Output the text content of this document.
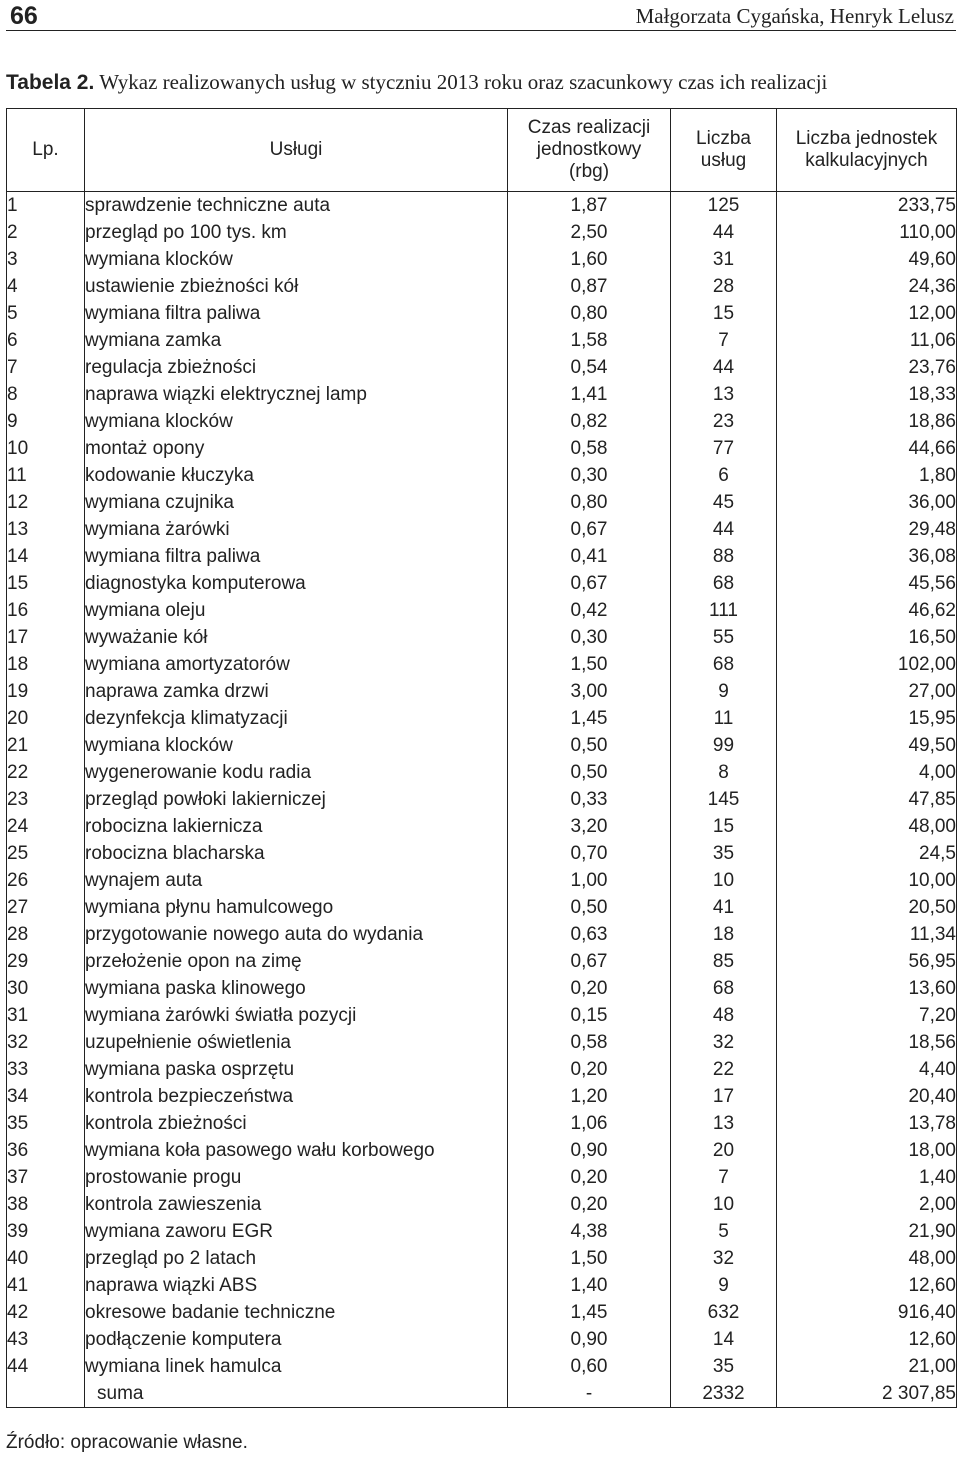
66	Małgorzata Cygańska, Henryk Lelusz
Tabela 2. Wykaz realizowanych usług w styczniu 2013 roku oraz szacunkowy czas ich realizacji
Lp.	Usługi	Czas realizacji jednostkowy (rbg)	Liczba usług	Liczba jednostek kalkulacyjnych
1	sprawdzenie techniczne auta	1,87	125	233,75
2	przegląd po 100 tys. km	2,50	44	110,00
3	wymiana klocków	1,60	31	49,60
4	ustawienie zbieżności kół	0,87	28	24,36
5	wymiana filtra paliwa	0,80	15	12,00
6	wymiana zamka	1,58	7	11,06
7	regulacja zbieżności	0,54	44	23,76
8	naprawa wiązki elektrycznej lamp	1,41	13	18,33
9	wymiana klocków	0,82	23	18,86
10	montaż opony	0,58	77	44,66
11	kodowanie kłuczyka	0,30	6	1,80
12	wymiana czujnika	0,80	45	36,00
13	wymiana żarówki	0,67	44	29,48
14	wymiana filtra paliwa	0,41	88	36,08
15	diagnostyka komputerowa	0,67	68	45,56
16	wymiana oleju	0,42	111	46,62
17	wyważanie kół	0,30	55	16,50
18	wymiana amortyzatorów	1,50	68	102,00
19	naprawa zamka drzwi	3,00	9	27,00
20	dezynfekcja klimatyzacji	1,45	11	15,95
21	wymiana klocków	0,50	99	49,50
22	wygenerowanie kodu radia	0,50	8	4,00
23	przegląd powłoki lakierniczej	0,33	145	47,85
24	robocizna lakiernicza	3,20	15	48,00
25	robocizna blacharska	0,70	35	24,5
26	wynajem auta	1,00	10	10,00
27	wymiana płynu hamulcowego	0,50	41	20,50
28	przygotowanie nowego auta do wydania	0,63	18	11,34
29	przełożenie opon na zimę	0,67	85	56,95
30	wymiana paska klinowego	0,20	68	13,60
31	wymiana żarówki światła pozycji	0,15	48	7,20
32	uzupełnienie oświetlenia	0,58	32	18,56
33	wymiana paska osprzętu	0,20	22	4,40
34	kontrola bezpieczeństwa	1,20	17	20,40
35	kontrola zbieżności	1,06	13	13,78
36	wymiana koła pasowego wału korbowego	0,90	20	18,00
37	prostowanie progu	0,20	7	1,40
38	kontrola zawieszenia	0,20	10	2,00
39	wymiana zaworu EGR	4,38	5	21,90
40	przegląd po 2 latach	1,50	32	48,00
41	naprawa wiązki ABS	1,40	9	12,60
42	okresowe badanie techniczne	1,45	632	916,40
43	podłączenie komputera	0,90	14	12,60
44	wymiana linek hamulca	0,60	35	21,00
	suma	-	2332	2 307,85
Źródło: opracowanie własne.
